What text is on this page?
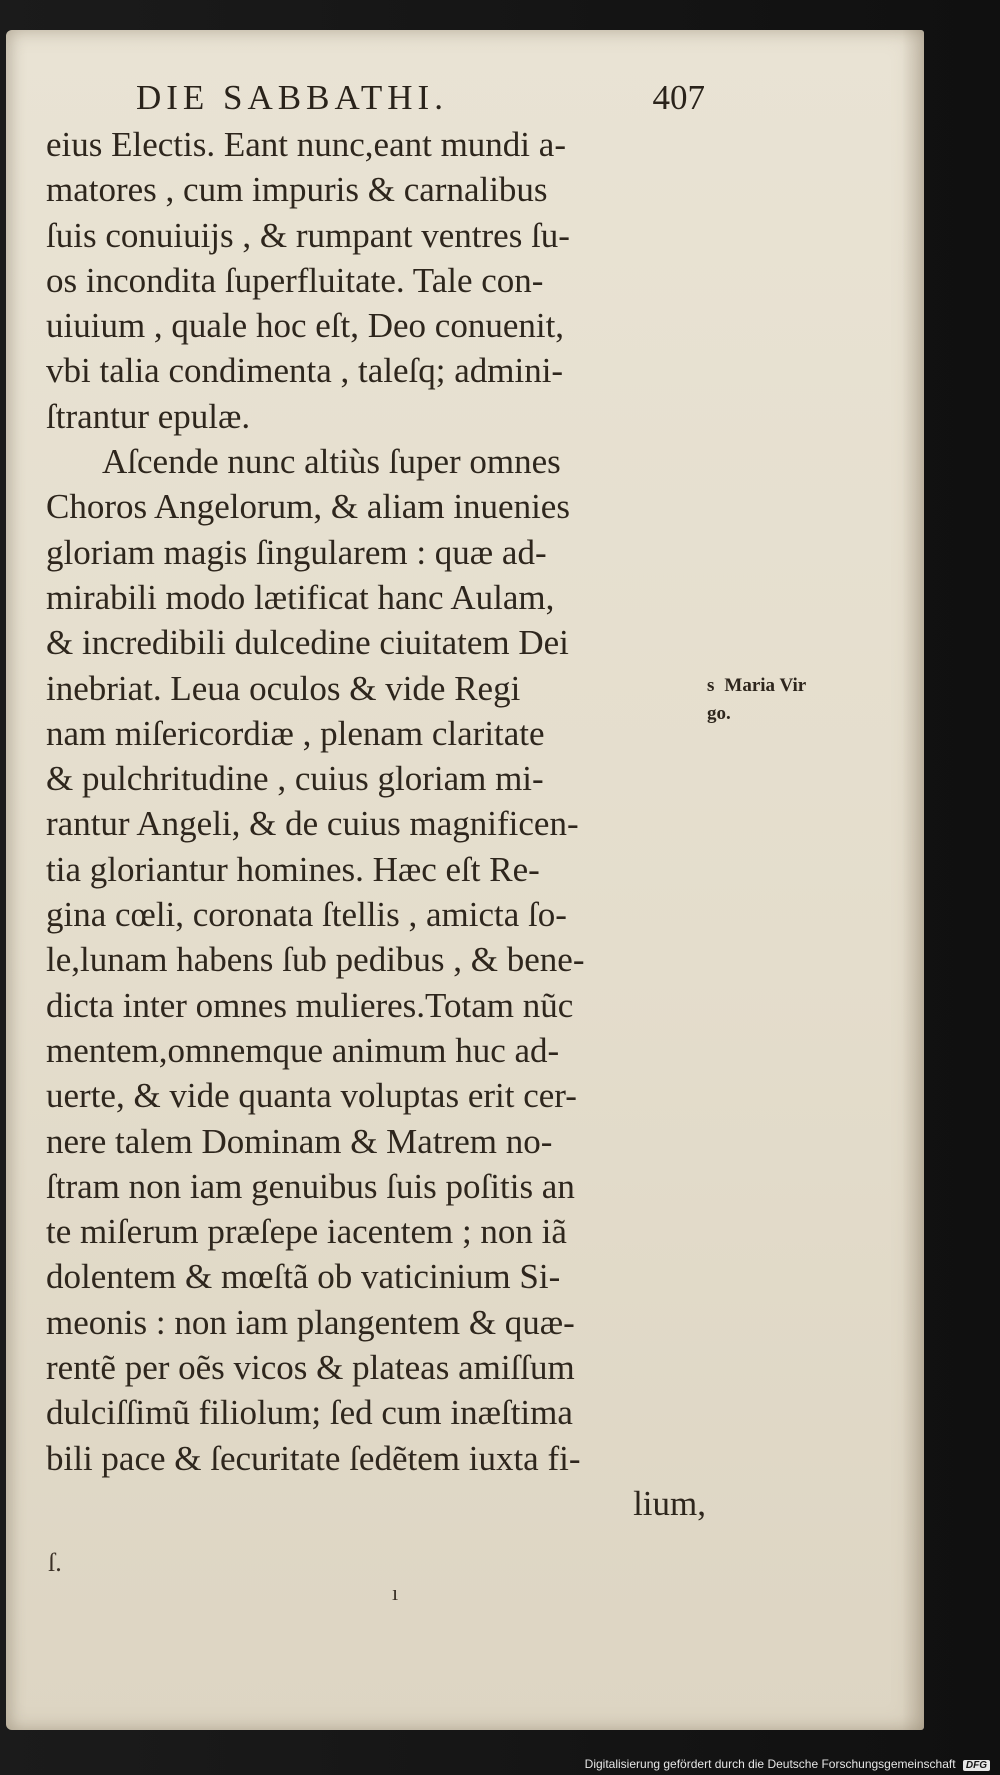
DIE SABBATHI.	407
eius Electis. Eant nunc,eant mundi a-
matores , cum impuris & carnalibus
ſuis conuiuijs , & rumpant ventres ſu-
os incondita ſuperfluitate. Tale con-
uiuium , quale hoc eſt, Deo conuenit,
vbi talia condimenta , taleſq; admini-
ſtrantur epulæ.
Aſcende nunc altiùs ſuper omnes
Choros Angelorum, & aliam inuenies
gloriam magis ſingularem : quæ ad-
mirabili modo lætificat hanc Aulam,
& incredibili dulcedine ciuitatem Dei
inebriat. Leua oculos & vide Regi
nam miſericordiæ , plenam claritate
& pulchritudine , cuius gloriam mi-
rantur Angeli, & de cuius magnificen-
tia gloriantur homines. Hæc eſt Re-
gina cœli, coronata ſtellis , amicta ſo-
le,lunam habens ſub pedibus , & bene-
dicta inter omnes mulieres.Totam nũc
mentem,omnemque animum huc ad-
uerte, & vide quanta voluptas erit cer-
nere talem Dominam & Matrem no-
ſtram non iam genuibus ſuis poſitis an
te miſerum præſepe iacentem ; non iã
dolentem & mœſtã ob vaticinium Si-
meonis : non iam plangentem & quæ-
rentẽ per oẽs vicos & plateas amiſſum
dulciſſimũ filiolum; ſed cum inæſtima
bili pace & ſecuritate ſedẽtem iuxta fi-
lium,
s Maria Vir
go.
ſ.
ı
Digitalisierung gefördert durch die Deutsche Forschungsgemeinschaft DFG
